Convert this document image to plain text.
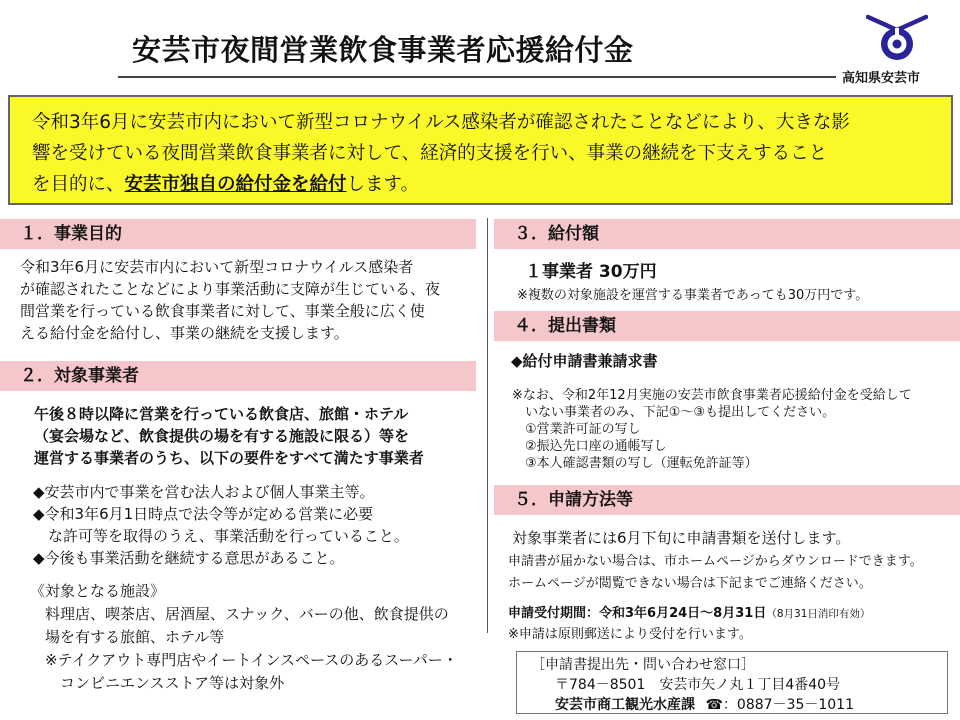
安芸市夜間営業飲食事業者応援給付金
高知県安芸市
令和3年6月に安芸市内において新型コロナウイルス感染者が確認されたことなどにより、大きな影
響を受けている夜間営業飲食事業者に対して、経済的支援を行い、事業の継続を下支えすること
を目的に、安芸市独自の給付金を給付します。
１．事業目的
令和3年6月に安芸市内において新型コロナウイルス感染者
が確認されたことなどにより事業活動に支障が生じている、夜
間営業を行っている飲食事業者に対して、事業全般に広く使
える給付金を給付し、事業の継続を支援します。
２．対象事業者
午後８時以降に営業を行っている飲食店、旅館・ホテル
（宴会場など、飲食提供の場を有する施設に限る）等を
運営する事業者のうち、以下の要件をすべて満たす事業者
◆安芸市内で事業を営む法人および個人事業主等。
◆令和3年6月1日時点で法令等が定める営業に必要
　な許可等を取得のうえ、事業活動を行っていること。
◆今後も事業活動を継続する意思があること。
《対象となる施設》
　料理店、喫茶店、居酒屋、スナック、バーの他、飲食提供の
　場を有する旅館、ホテル等
　※テイクアウト専門店やイートインスペースのあるスーパー・
　　コンビニエンスストア等は対象外
３．給付額
１事業者 30万円
※複数の対象施設を運営する事業者であっても30万円です。
４．提出書類
◆給付申請書兼請求書
※なお、令和2年12月実施の安芸市飲食事業者応援給付金を受給して
　いない事業者のみ、下記①～③も提出してください。
　①営業許可証の写し
　②振込先口座の通帳写し
　③本人確認書類の写し（運転免許証等）
５．申請方法等
対象事業者には6月下旬に申請書類を送付します。
申請書が届かない場合は、市ホームページからダウンロードできます。
ホームページが閲覧できない場合は下記までご連絡ください。
申請受付期間：令和3年6月24日～8月31日（8月31日消印有効）
※申請は原則郵送により受付を行います。
［申請書提出先・問い合わせ窓口］
〒784－8501　安芸市矢ノ丸１丁目4番40号
安芸市商工観光水産課 ☎：0887－35－1011
